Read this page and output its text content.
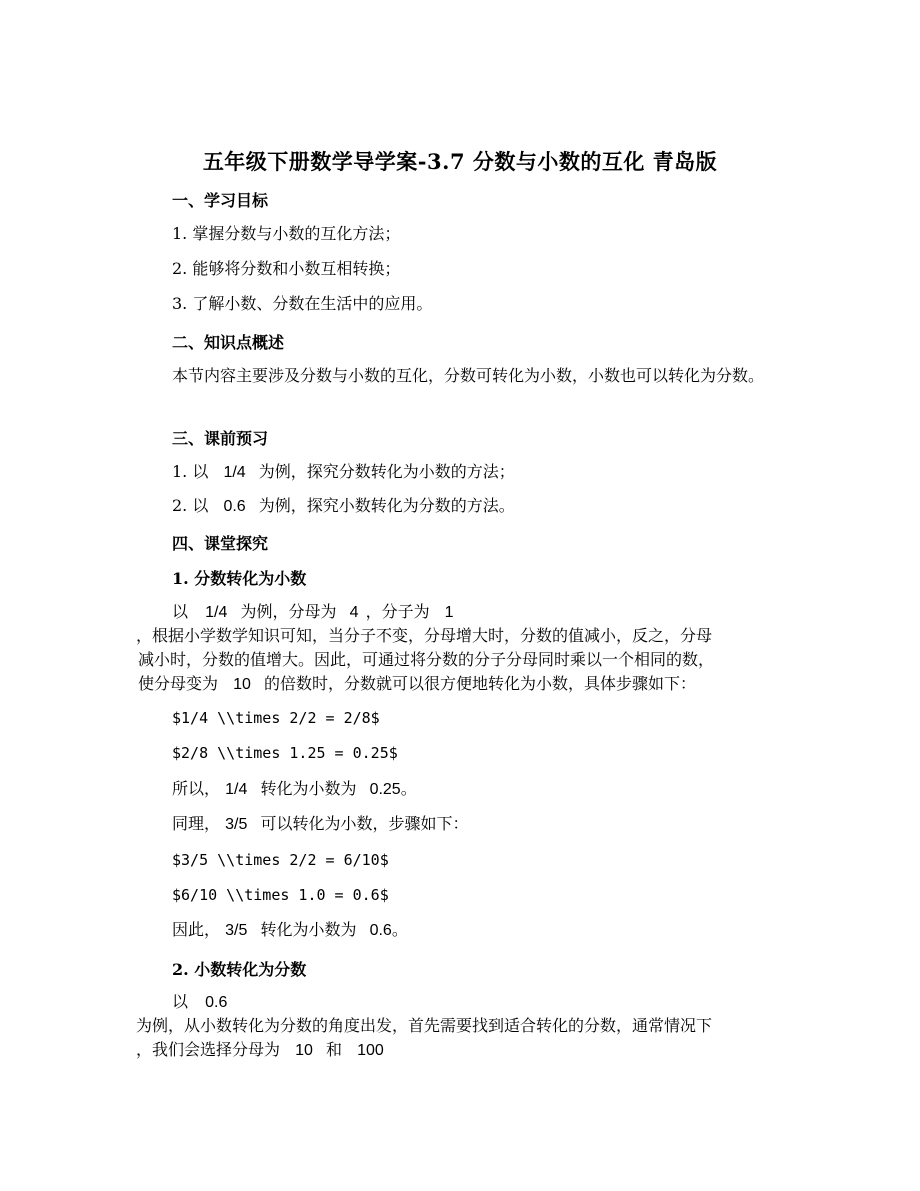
五年级下册数学导学案-3.7 分数与小数的互化 青岛版
一、学习目标
1. 掌握分数与小数的互化方法；
2. 能够将分数和小数互相转换；
3. 了解小数、分数在生活中的应用。
二、知识点概述
本节内容主要涉及分数与小数的互化，分数可转化为小数，小数也可以转化为分数。
三、课前预习
1. 以 1/4 为例，探究分数转化为小数的方法；
2. 以 0.6 为例，探究小数转化为分数的方法。
四、课堂探究
1. 分数转化为小数
以 1/4 为例，分母为 4 ，分子为 1
，根据小学数学知识可知，当分子不变，分母增大时，分数的值减小，反之，分母
减小时，分数的值增大。因此，可通过将分数的分子分母同时乘以一个相同的数，
使分母变为 10 的倍数时，分数就可以很方便地转化为小数，具体步骤如下：
$1/4 \\times 2/2 = 2/8$
$2/8 \\times 1.25 = 0.25$
所以， 1/4 转化为小数为 0.25。
同理， 3/5 可以转化为小数，步骤如下：
$3/5 \\times 2/2 = 6/10$
$6/10 \\times 1.0 = 0.6$
因此， 3/5 转化为小数为 0.6。
2. 小数转化为分数
以 0.6
为例，从小数转化为分数的角度出发，首先需要找到适合转化的分数，通常情况下
，我们会选择分母为 10 和 100
